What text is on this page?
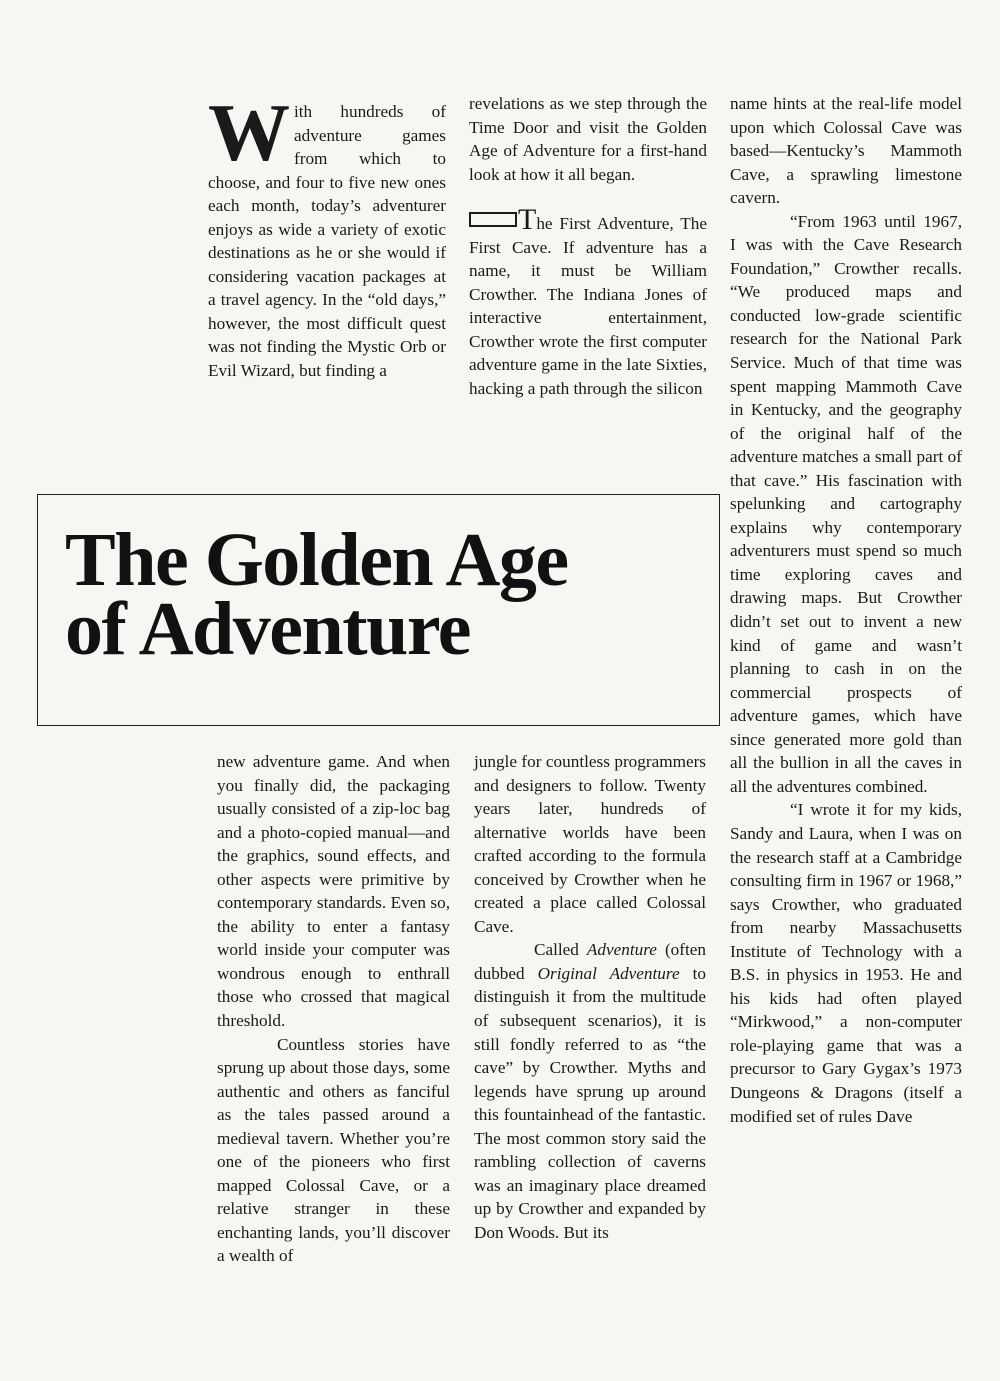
With hundreds of adventure games from which to choose, and four to five new ones each month, today’s adventurer enjoys as wide a variety of exotic destinations as he or she would if considering vacation packages at a travel agency. In the “old days,” however, the most difficult quest was not finding the Mystic Orb or Evil Wizard, but finding a

revelations as we step through the Time Door and visit the Golden Age of Adventure for a first-hand look at how it all began.

The First Adventure, The First Cave. If adventure has a name, it must be William Crowther. The Indiana Jones of interactive entertainment, Crowther wrote the first computer adventure game in the late Sixties, hacking a path through the silicon

name hints at the real-life model upon which Colossal Cave was based—Kentucky’s Mammoth Cave, a sprawling limestone cavern.

“From 1963 until 1967, I was with the Cave Research Foundation,” Crowther recalls. “We produced maps and conducted low-grade scientific research for the National Park Service. Much of that time was spent mapping Mammoth Cave in Kentucky, and the geography of the original half of the adventure matches a small part of that cave.” His fascination with spelunking and cartography explains why contemporary adventurers must spend so much time exploring caves and drawing maps. But Crowther didn’t set out to invent a new kind of game and wasn’t planning to cash in on the commercial prospects of adventure games, which have since generated more gold than all the bullion in all the caves in all the adventures combined.

“I wrote it for my kids, Sandy and Laura, when I was on the research staff at a Cambridge consulting firm in 1967 or 1968,” says Crowther, who graduated from nearby Massachusetts Institute of Technology with a B.S. in physics in 1953. He and his kids had often played “Mirkwood,” a non-computer role-playing game that was a precursor to Gary Gygax’s 1973 Dungeons & Dragons (itself a modified set of rules Dave

The Golden Age
of Adventure

new adventure game. And when you finally did, the packaging usually consisted of a zip-loc bag and a photo-copied manual—and the graphics, sound effects, and other aspects were primitive by contemporary standards. Even so, the ability to enter a fantasy world inside your computer was wondrous enough to enthrall those who crossed that magical threshold.

Countless stories have sprung up about those days, some authentic and others as fanciful as the tales passed around a medieval tavern. Whether you’re one of the pioneers who first mapped Colossal Cave, or a relative stranger in these enchanting lands, you’ll discover a wealth of

jungle for countless programmers and designers to follow. Twenty years later, hundreds of alternative worlds have been crafted according to the formula conceived by Crowther when he created a place called Colossal Cave.

Called Adventure (often dubbed Original Adventure to distinguish it from the multitude of subsequent scenarios), it is still fondly referred to as “the cave” by Crowther. Myths and legends have sprung up around this fountainhead of the fantastic. The most common story said the rambling collection of caverns was an imaginary place dreamed up by Crowther and expanded by Don Woods. But its
